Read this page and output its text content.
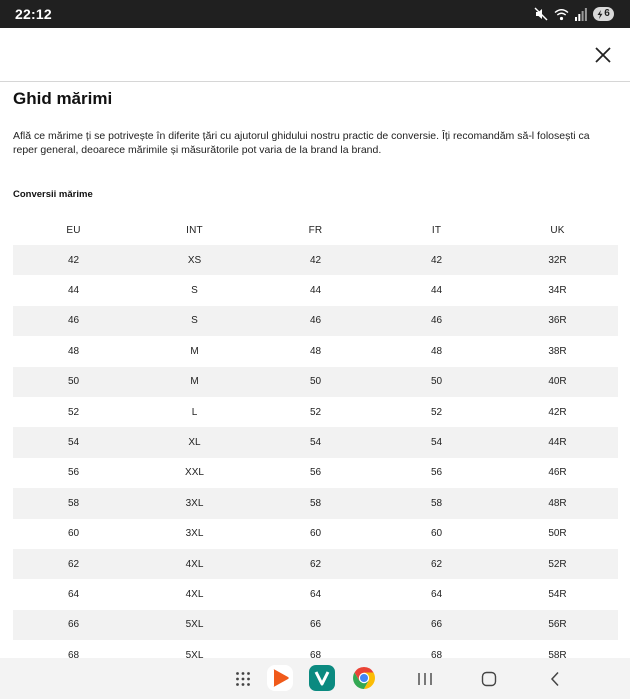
22:12	6
Ghid mărimi

Află ce mărime ți se potrivește în diferite țări cu ajutorul ghidului nostru practic de conversie. Îți recomandăm să-l folosești ca reper general, deoarece mărimile și măsurătorile pot varia de la brand la brand.

Conversii mărime
EU	INT	FR	IT	UK
42	XS	42	42	32R
44	S	44	44	34R
46	S	46	46	36R
48	M	48	48	38R
50	M	50	50	40R
52	L	52	52	42R
54	XL	54	54	44R
56	XXL	56	56	46R
58	3XL	58	58	48R
60	3XL	60	60	50R
62	4XL	62	62	52R
64	4XL	64	64	54R
66	5XL	66	66	56R
68	5XL	68	68	58R
